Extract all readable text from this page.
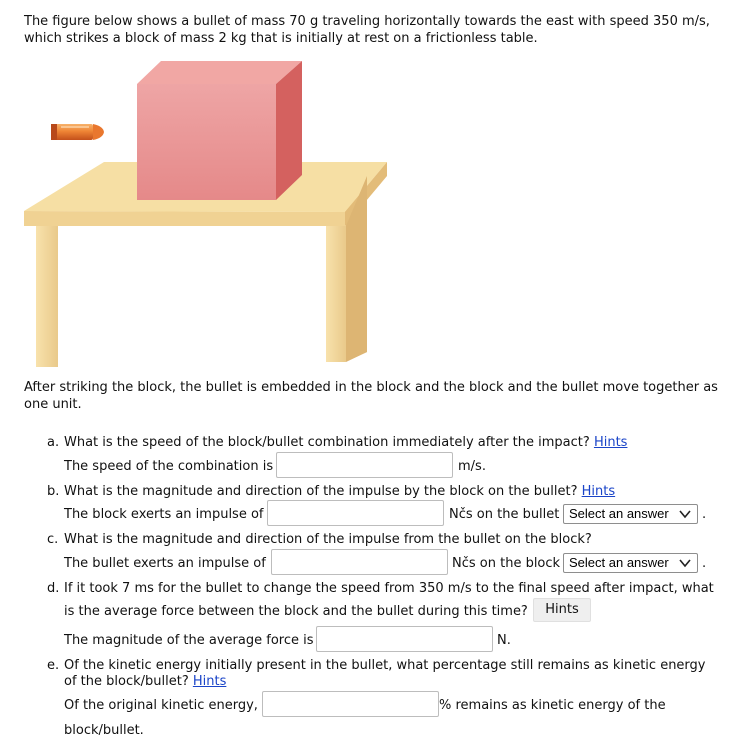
The figure below shows a bullet of mass 70 g traveling horizontally towards the east with speed 350 m/s, which strikes a block of mass 2 kg that is initially at rest on a frictionless table.

After striking the block, the bullet is embedded in the block and the block and the bullet move together as one unit.

a. What is the speed of the block/bullet combination immediately after the impact? Hints
The speed of the combination is	m/s.
b. What is the magnitude and direction of the impulse by the block on the bullet? Hints
The block exerts an impulse of	Nčs on the bullet Select an answer	.
c. What is the magnitude and direction of the impulse from the bullet on the block?
The bullet exerts an impulse of	Nčs on the block Select an answer	.
d. If it took 7 ms for the bullet to change the speed from 350 m/s to the final speed after impact, what
is the average force between the block and the bullet during this time?	Hints
The magnitude of the average force is	N.
e. Of the kinetic energy initially present in the bullet, what percentage still remains as kinetic energy
of the block/bullet? Hints
Of the original kinetic energy,	% remains as kinetic energy of the
block/bullet.
